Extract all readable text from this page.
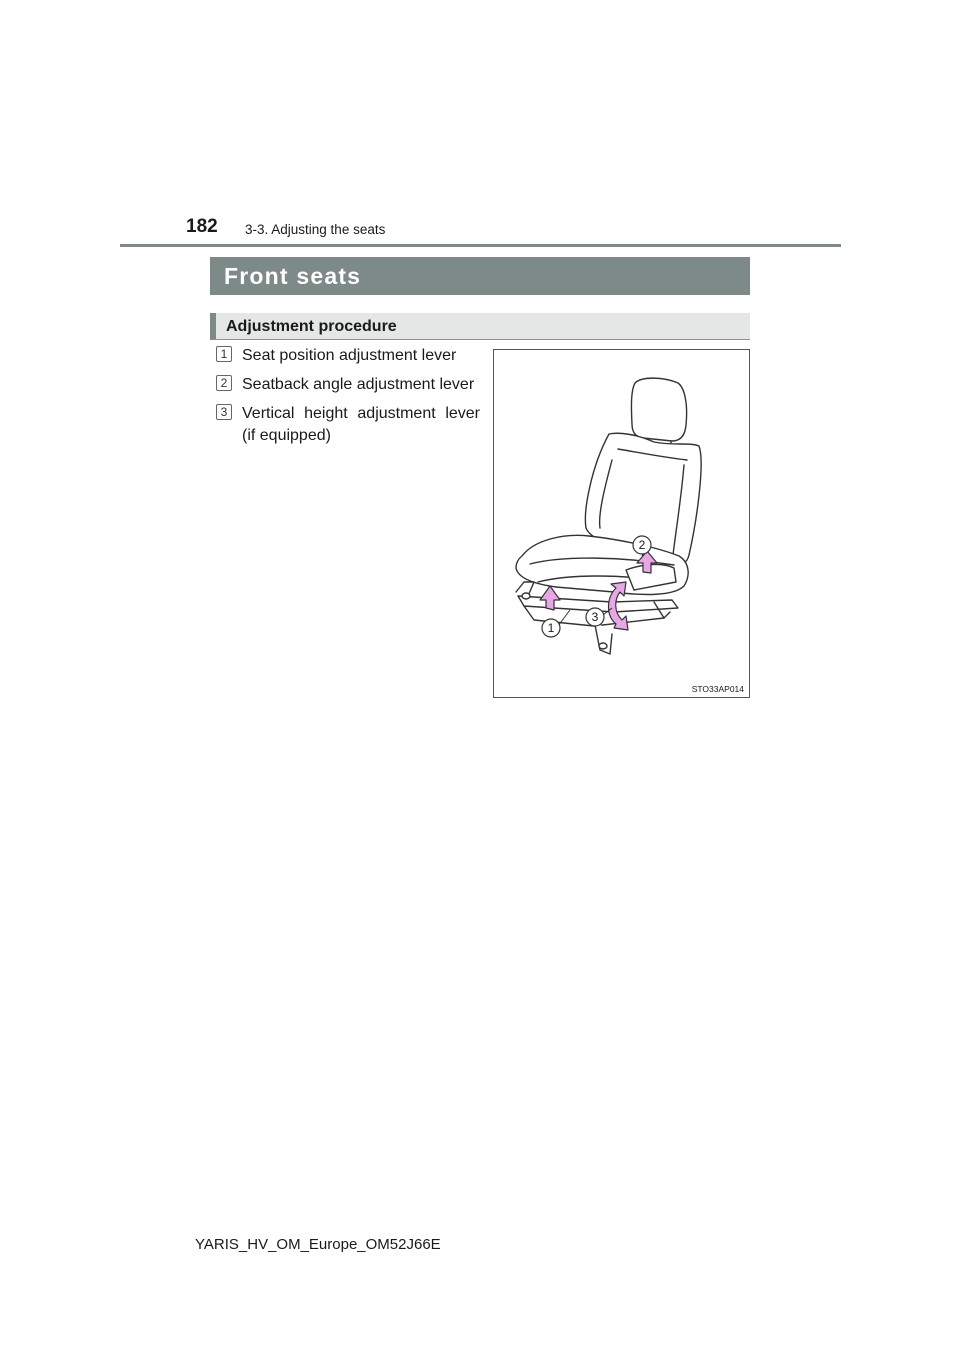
182 3-3. Adjusting the seats
Front seats
Adjustment procedure
1 Seat position adjustment lever
2 Seatback angle adjustment lever
3 Vertical height adjustment lever (if equipped)
1
2
3
STO33AP014
YARIS_HV_OM_Europe_OM52J66E
